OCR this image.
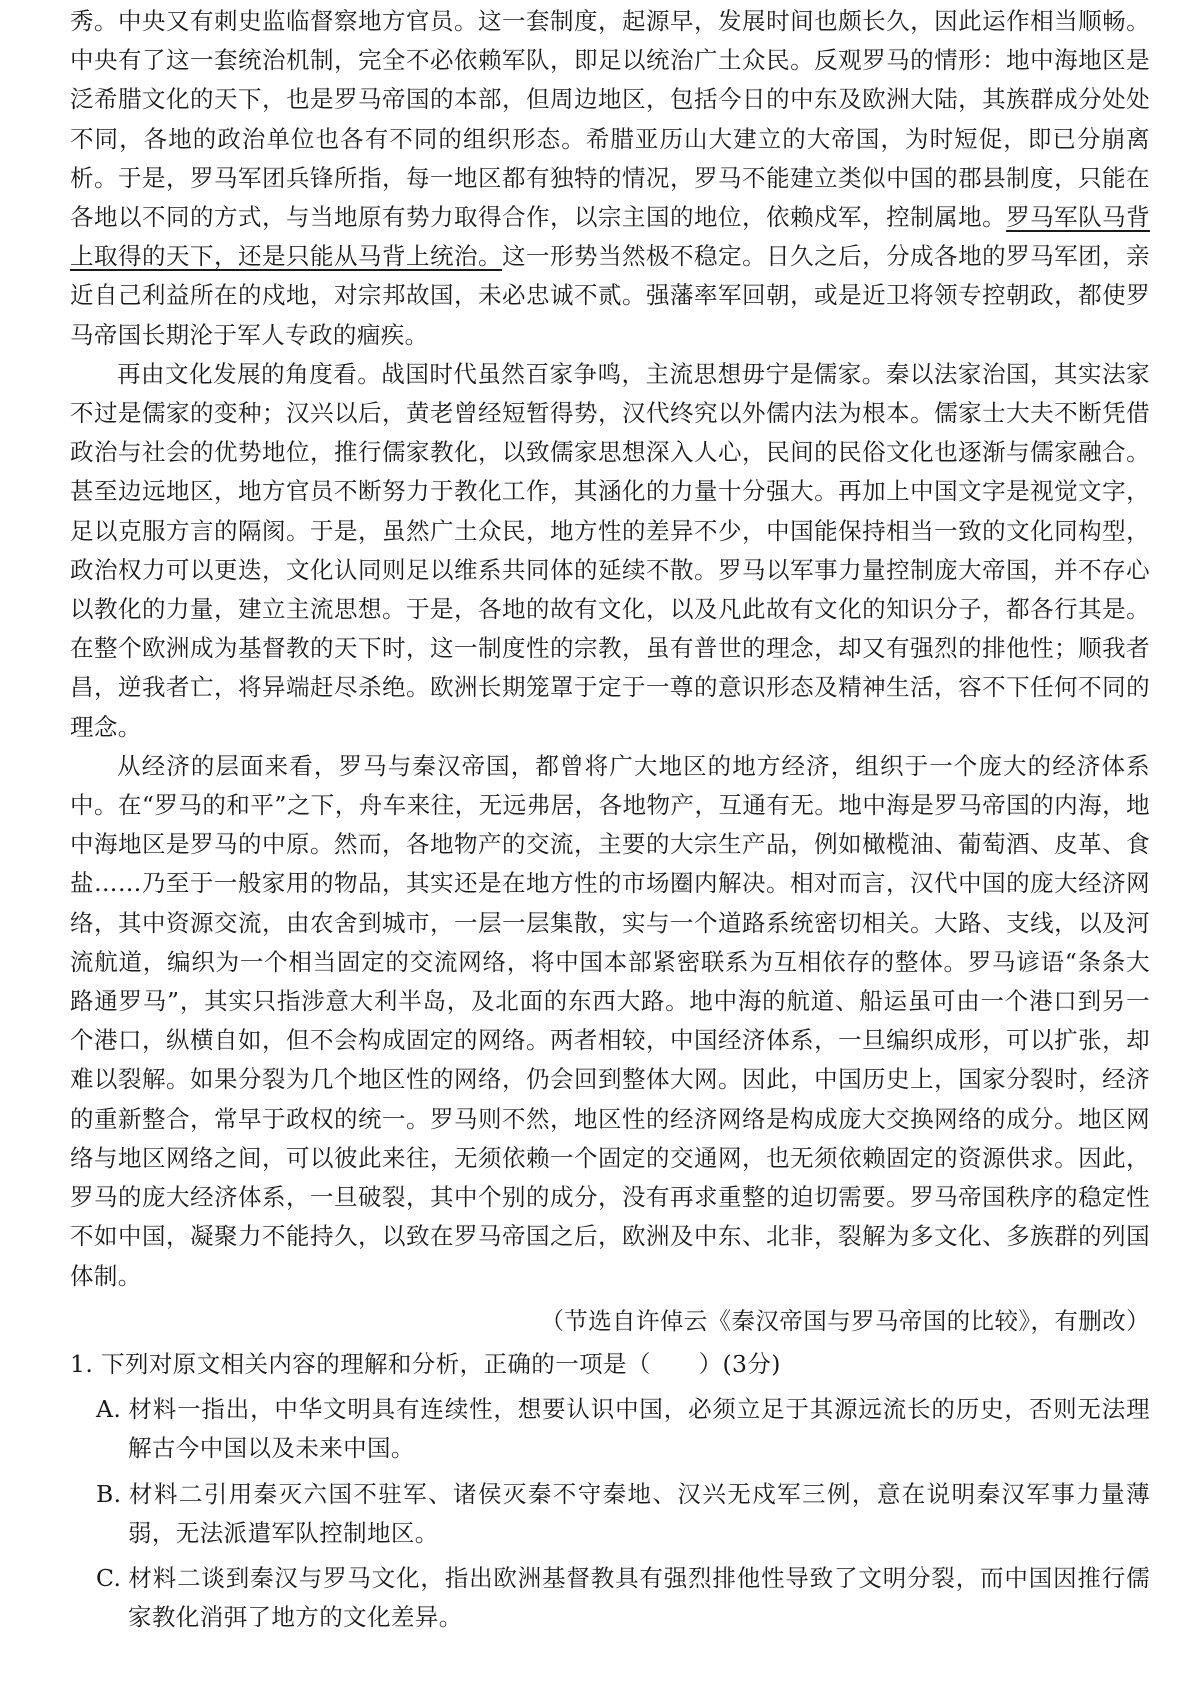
秀。中央又有刺史监临督察地方官员。这一套制度，起源早，发展时间也颇长久，因此运作相当顺畅。中央有了这一套统治机制，完全不必依赖军队，即足以统治广土众民。反观罗马的情形：地中海地区是泛希腊文化的天下，也是罗马帝国的本部，但周边地区，包括今日的中东及欧洲大陆，其族群成分处处不同，各地的政治单位也各有不同的组织形态。希腊亚历山大建立的大帝国，为时短促，即已分崩离析。于是，罗马军团兵锋所指，每一地区都有独特的情况，罗马不能建立类似中国的郡县制度，只能在各地以不同的方式，与当地原有势力取得合作，以宗主国的地位，依赖戍军，控制属地。罗马军队马背上取得的天下，还是只能从马背上统治。这一形势当然极不稳定。日久之后，分成各地的罗马军团，亲近自己利益所在的戍地，对宗邦故国，未必忠诚不贰。强藩率军回朝，或是近卫将领专控朝政，都使罗马帝国长期沦于军人专政的痼疾。

再由文化发展的角度看。战国时代虽然百家争鸣，主流思想毋宁是儒家。秦以法家治国，其实法家不过是儒家的变种；汉兴以后，黄老曾经短暂得势，汉代终究以外儒内法为根本。儒家士大夫不断凭借政治与社会的优势地位，推行儒家教化，以致儒家思想深入人心，民间的民俗文化也逐渐与儒家融合。甚至边远地区，地方官员不断努力于教化工作，其涵化的力量十分强大。再加上中国文字是视觉文字，足以克服方言的隔阂。于是，虽然广土众民，地方性的差异不少，中国能保持相当一致的文化同构型，政治权力可以更迭，文化认同则足以维系共同体的延续不散。罗马以军事力量控制庞大帝国，并不存心以教化的力量，建立主流思想。于是，各地的故有文化，以及凡此故有文化的知识分子，都各行其是。在整个欧洲成为基督教的天下时，这一制度性的宗教，虽有普世的理念，却又有强烈的排他性；顺我者昌，逆我者亡，将异端赶尽杀绝。欧洲长期笼罩于定于一尊的意识形态及精神生活，容不下任何不同的理念。

从经济的层面来看，罗马与秦汉帝国，都曾将广大地区的地方经济，组织于一个庞大的经济体系中。在“罗马的和平”之下，舟车来往，无远弗居，各地物产，互通有无。地中海是罗马帝国的内海，地中海地区是罗马的中原。然而，各地物产的交流，主要的大宗生产品，例如橄榄油、葡萄酒、皮革、食盐……乃至于一般家用的物品，其实还是在地方性的市场圈内解决。相对而言，汉代中国的庞大经济网络，其中资源交流，由农舍到城市，一层一层集散，实与一个道路系统密切相关。大路、支线，以及河流航道，编织为一个相当固定的交流网络，将中国本部紧密联系为互相依存的整体。罗马谚语“条条大路通罗马”，其实只指涉意大利半岛，及北面的东西大路。地中海的航道、船运虽可由一个港口到另一个港口，纵横自如，但不会构成固定的网络。两者相较，中国经济体系，一旦编织成形，可以扩张，却难以裂解。如果分裂为几个地区性的网络，仍会回到整体大网。因此，中国历史上，国家分裂时，经济的重新整合，常早于政权的统一。罗马则不然，地区性的经济网络是构成庞大交换网络的成分。地区网络与地区网络之间，可以彼此来往，无须依赖一个固定的交通网，也无须依赖固定的资源供求。因此，罗马的庞大经济体系，一旦破裂，其中个别的成分，没有再求重整的迫切需要。罗马帝国秩序的稳定性不如中国，凝聚力不能持久，以致在罗马帝国之后，欧洲及中东、北非，裂解为多文化、多族群的列国体制。

（节选自许倬云《秦汉帝国与罗马帝国的比较》，有删改）

1. 下列对原文相关内容的理解和分析，正确的一项是（　　）(3分)

A. 材料一指出，中华文明具有连续性，想要认识中国，必须立足于其源远流长的历史，否则无法理解古今中国以及未来中国。

B. 材料二引用秦灭六国不驻军、诸侯灭秦不守秦地、汉兴无戍军三例，意在说明秦汉军事力量薄弱，无法派遣军队控制地区。

C. 材料二谈到秦汉与罗马文化，指出欧洲基督教具有强烈排他性导致了文明分裂，而中国因推行儒家教化消弭了地方的文化差异。
